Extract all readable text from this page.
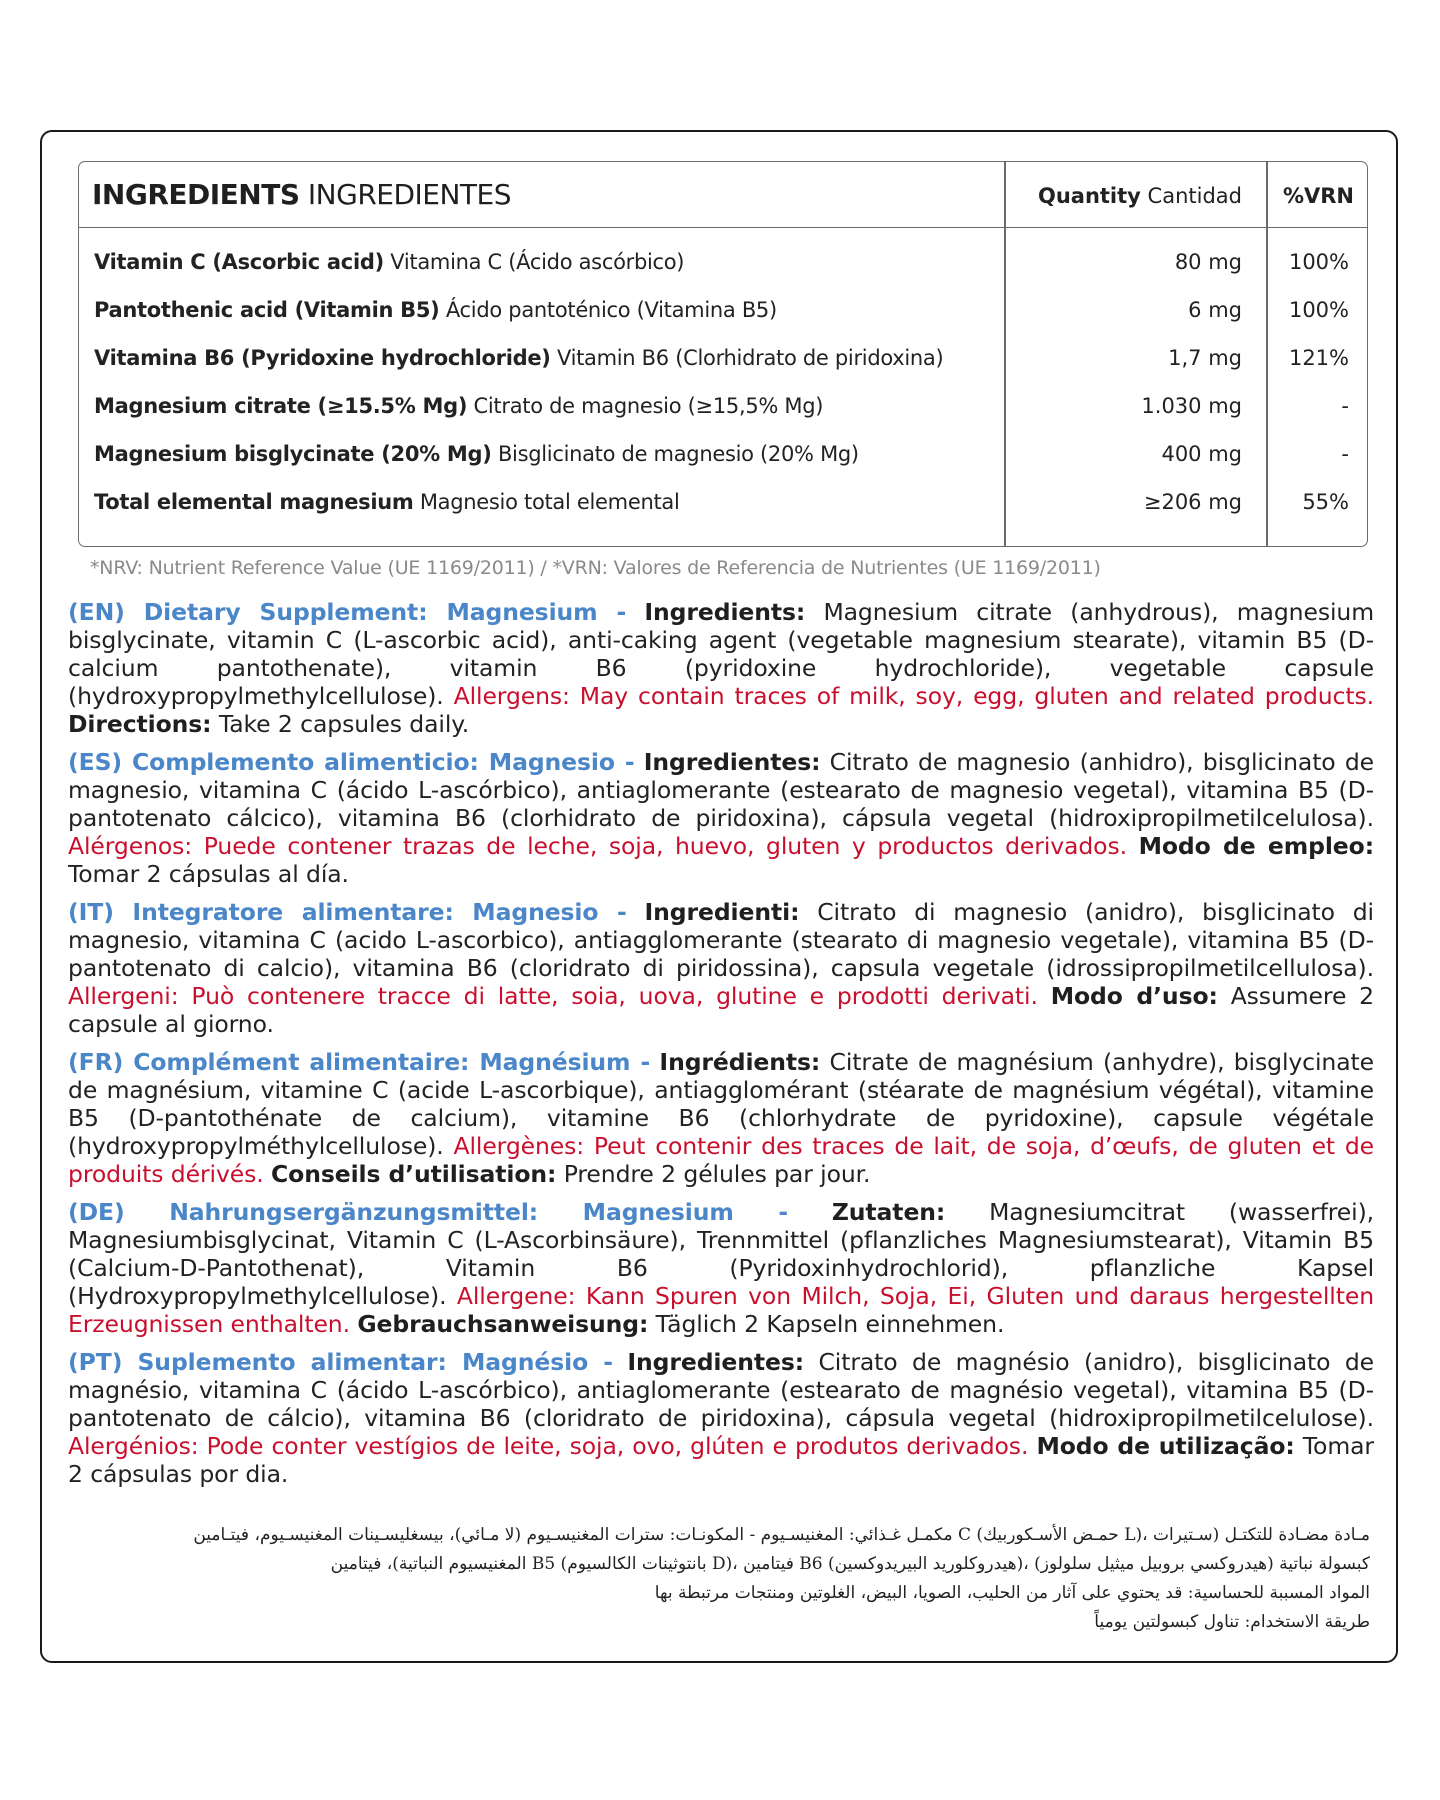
INGREDIENTS INGREDIENTES	Quantity Cantidad	%VRN
Vitamin C (Ascorbic acid) Vitamina C (Ácido ascórbico)	80 mg 100%
Pantothenic acid (Vitamin B5) Ácido pantoténico (Vitamina B5)	6 mg 100%
Vitamina B6 (Pyridoxine hydrochloride) Vitamin B6 (Clorhidrato de piridoxina)	1,7 mg 121%
Magnesium citrate (≥15.5% Mg) Citrato de magnesio (≥15,5% Mg)	1.030 mg	-
Magnesium bisglycinate (20% Mg) Bisglicinato de magnesio (20% Mg)	400 mg	-
Total elemental magnesium Magnesio total elemental	≥206 mg	55%
*NRV: Nutrient Reference Value (UE 1169/2011) / *VRN: Valores de Referencia de Nutrientes (UE 1169/2011)
(EN) Dietary Supplement: Magnesium - Ingredients: Magnesium citrate (anhydrous), magnesium bisglycinate, vitamin C (L-ascorbic acid), anti-caking agent (vegetable magnesium stearate), vitamin B5 (D-calcium pantothenate), vitamin B6 (pyridoxine hydrochloride), vegetable capsule (hydroxypropylmethylcellulose). Allergens: May contain traces of milk, soy, egg, gluten and related products. Directions: Take 2 capsules daily.
(ES) Complemento alimenticio: Magnesio - Ingredientes: Citrato de magnesio (anhidro), bisglicinato de magnesio, vitamina C (ácido L-ascórbico), antiaglomerante (estearato de magnesio vegetal), vitamina B5 (D-pantotenato cálcico), vitamina B6 (clorhidrato de piridoxina), cápsula vegetal (hidroxipropilmetilcelulosa). Alérgenos: Puede contener trazas de leche, soja, huevo, gluten y productos derivados. Modo de empleo: Tomar 2 cápsulas al día.
(IT) Integratore alimentare: Magnesio - Ingredienti: Citrato di magnesio (anidro), bisglicinato di magnesio, vitamina C (acido L-ascorbico), antiagglomerante (stearato di magnesio vegetale), vitamina B5 (D-pantotenato di calcio), vitamina B6 (cloridrato di piridossina), capsula vegetale (idrossipropilmetilcellulosa). Allergeni: Può contenere tracce di latte, soia, uova, glutine e prodotti derivati. Modo d’uso: Assumere 2 capsule al giorno.
(FR) Complément alimentaire: Magnésium - Ingrédients: Citrate de magnésium (anhydre), bisglycinate de magnésium, vitamine C (acide L-ascorbique), antiagglomérant (stéarate de magnésium végétal), vitamine B5 (D-pantothénate de calcium), vitamine B6 (chlorhydrate de pyridoxine), capsule végétale (hydroxypropylméthylcellulose). Allergènes: Peut contenir des traces de lait, de soja, d’œufs, de gluten et de produits dérivés. Conseils d’utilisation: Prendre 2 gélules par jour.
(DE) Nahrungsergänzungsmittel: Magnesium - Zutaten: Magnesiumcitrat (wasserfrei), Magnesiumbisglycinat, Vitamin C (L-Ascorbinsäure), Trennmittel (pflanzliches Magnesiumstearat), Vitamin B5 (Calcium-D-Pantothenat), Vitamin B6 (Pyridoxinhydrochlorid), pflanzliche Kapsel (Hydroxypropylmethylcellulose). Allergene: Kann Spuren von Milch, Soja, Ei, Gluten und daraus hergestellten Erzeugnissen enthalten. Gebrauchsanweisung: Täglich 2 Kapseln einnehmen.
(PT) Suplemento alimentar: Magnésio - Ingredientes: Citrato de magnésio (anidro), bisglicinato de magnésio, vitamina C (ácido L-ascórbico), antiaglomerante (estearato de magnésio vegetal), vitamina B5 (D-pantotenato de cálcio), vitamina B6 (cloridrato de piridoxina), cápsula vegetal (hidroxipropilmetilcelulose). Alergénios: Pode conter vestígios de leite, soja, ovo, glúten e produtos derivados. Modo de utilização: Tomar 2 cápsulas por dia.

مـادة مضـادة للتكتـل (سـتيرات ،(L حمـض الأسـكوربيك) C مكمـل غـذائي: المغنيسـيوم - المكونـات: سترات المغنيسـيوم (لا مـائي)، بيسغليسـينات المغنيسـيوم، فيتـامين

كبسولة نباتية (هيدروكسي بروبيل ميثيل سلولوز) ،(هيدروكلوريد البيريدوكسين) B6 فيتامين ،(D بانتوثينات الكالسيوم) B5 المغنيسيوم النباتية)، فيتامين

المواد المسببة للحساسية: قد يحتوي على آثار من الحليب، الصويا، البيض، الغلوتين ومنتجات مرتبطة بها

طريقة الاستخدام: تناول كبسولتين يومياً
